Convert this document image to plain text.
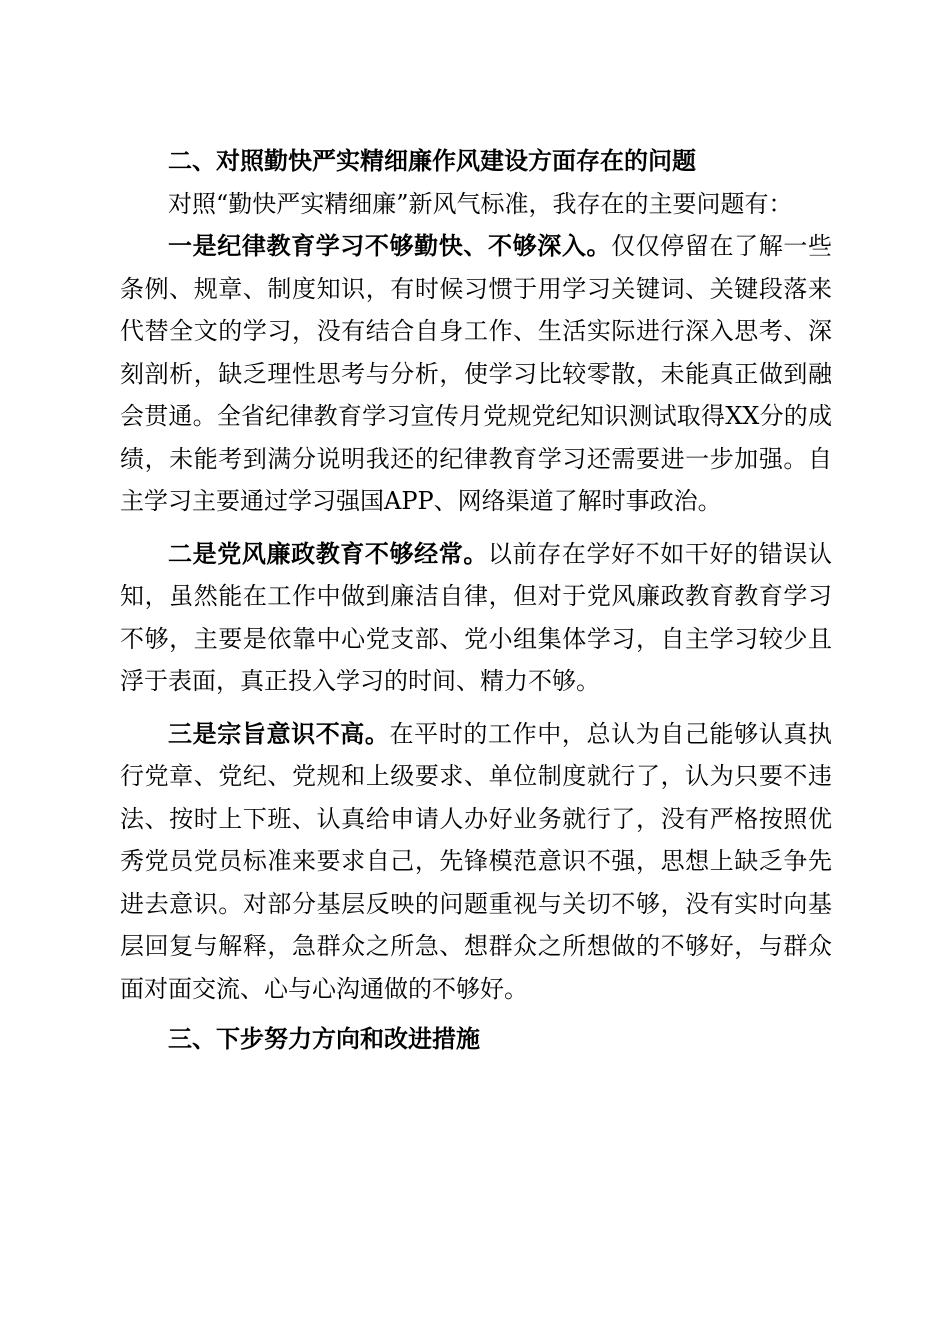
二、对照勤快严实精细廉作风建设方面存在的问题

对照“勤快严实精细廉”新风气标准，我存在的主要问题有：

一是纪律教育学习不够勤快、不够深入。仅仅停留在了解一些条例、规章、制度知识，有时候习惯于用学习关键词、关键段落来代替全文的学习，没有结合自身工作、生活实际进行深入思考、深刻剖析，缺乏理性思考与分析，使学习比较零散，未能真正做到融会贯通。全省纪律教育学习宣传月党规党纪知识测试取得XX分的成绩，未能考到满分说明我还的纪律教育学习还需要进一步加强。自主学习主要通过学习强国APP、网络渠道了解时事政治。

二是党风廉政教育不够经常。以前存在学好不如干好的错误认知，虽然能在工作中做到廉洁自律，但对于党风廉政教育教育学习不够，主要是依靠中心党支部、党小组集体学习，自主学习较少且浮于表面，真正投入学习的时间、精力不够。

三是宗旨意识不高。在平时的工作中，总认为自己能够认真执行党章、党纪、党规和上级要求、单位制度就行了，认为只要不违法、按时上下班、认真给申请人办好业务就行了，没有严格按照优秀党员党员标准来要求自己，先锋模范意识不强，思想上缺乏争先进去意识。对部分基层反映的问题重视与关切不够，没有实时向基层回复与解释，急群众之所急、想群众之所想做的不够好，与群众面对面交流、心与心沟通做的不够好。

三、下步努力方向和改进措施
